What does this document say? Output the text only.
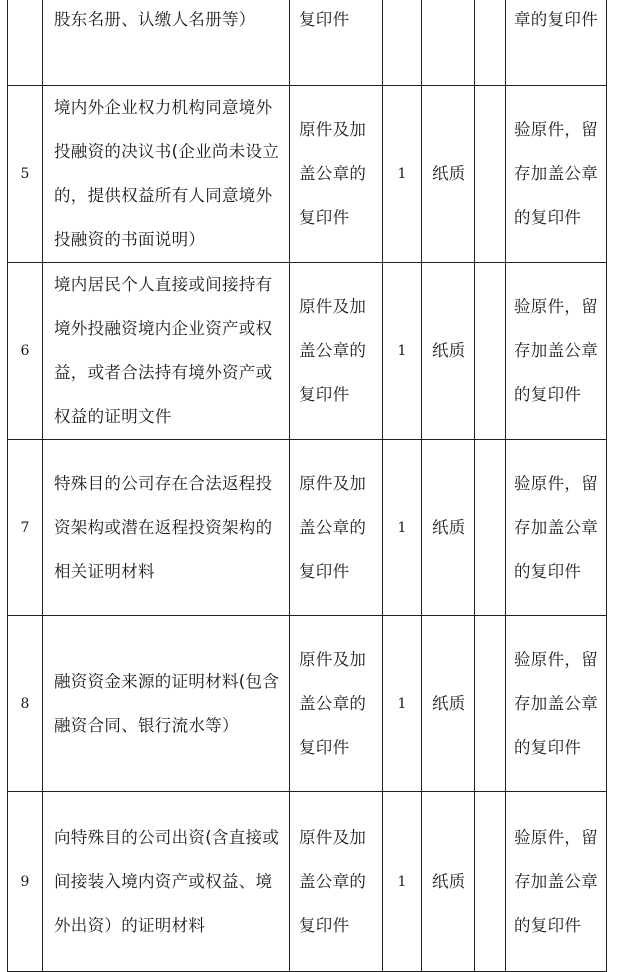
	股东名册、认缴人名册等）	复印件				章的复印件

5	境内外企业权力机构同意境外投融资的决议书(企业尚未设立的，提供权益所有人同意境外投融资的书面说明）	原件及加盖公章的复印件	1	纸质		验原件，留存加盖公章的复印件

6	境内居民个人直接或间接持有境外投融资境内企业资产或权益，或者合法持有境外资产或权益的证明文件	原件及加盖公章的复印件	1	纸质		验原件，留存加盖公章的复印件

7	特殊目的公司存在合法返程投资架构或潜在返程投资架构的相关证明材料	原件及加盖公章的复印件	1	纸质		验原件，留存加盖公章的复印件

8	融资资金来源的证明材料(包含融资合同、银行流水等）	原件及加盖公章的复印件	1	纸质		验原件，留存加盖公章的复印件

9	向特殊目的公司出资(含直接或间接装入境内资产或权益、境外出资）的证明材料	原件及加盖公章的复印件	1	纸质		验原件，留存加盖公章的复印件
